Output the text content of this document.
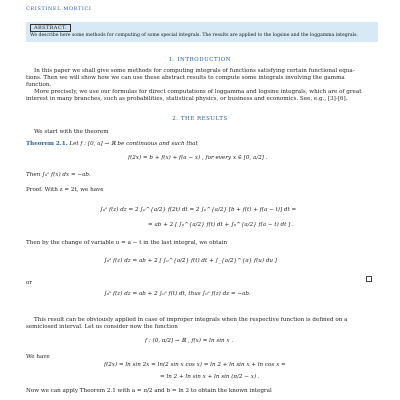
CRISTINEL MORTICI
ABSTRACT.
We describe here some methods for computing of some special integrals. The results are applied to the logsine and the loggamma integrals.
1. INTRODUCTION
In this paper we shall give some methods for computing integrals of functions satisfying certain functional equa-
tions. Then we will show how we can use these abstract results to compute some integrals involving the gamma
function.
More precisely, we use our formulas for direct computations of loggamma and logsine integrals, which are of great
interest in many branches, such as probabilities, statistical physics, or business and economics. See, e.g., [3]-[6].
2. THE RESULTS
We start with the theorem
Theorem 2.1. Let f : [0, a] → ℝ be continuous and such that
f(2x) = b + f(x) + f(a − x) , for every x ∈ [0, a/2] .
Then ∫₀ᵃ f(x) dx = −ab.
Proof. With z = 2t, we have
∫₀ᵃ f(z) dz = 2 ∫₀^{a/2} f(2t) dt = 2 ∫₀^{a/2} [b + f(t) + f(a − t)] dt =
= ab + 2 [ ∫₀^{a/2} f(t) dt + ∫₀^{a/2} f(a − t) dt ] .
Then by the change of variable u = a − t in the last integral, we obtain
∫₀ᵃ f(z) dz = ab + 2 [ ∫₀^{a/2} f(t) dt + ∫_{a/2}^{a} f(u) du ]
or
∫₀ᵃ f(z) dz = ab + 2 ∫₀ᵃ f(t) dt, thus ∫₀ᵃ f(z) dz = −ab.
This result can be obviously applied in case of improper integrals when the respective function is defined on a
semiclosed interval. Let us consider now the function
f : (0, π/2] → ℝ , f(x) = ln sin x .
We have
f(2x) = ln sin 2x = ln(2 sin x cos x) = ln 2 + ln sin x + ln cos x =
= ln 2 + ln sin x + ln sin (π/2 − x) .
Now we can apply Theorem 2.1 with a = π/2 and b = ln 2 to obtain the known integral
